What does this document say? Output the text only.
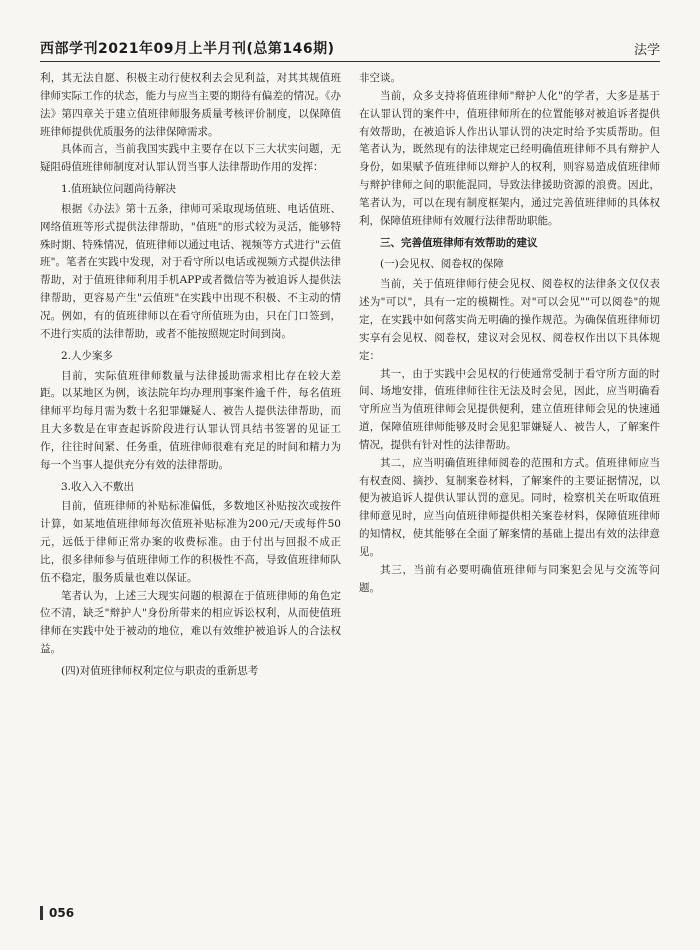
西部学刊2021年09月上半月刊(总第146期)	法学

利，其无法自愿、积极主动行使权利去会见利益，对其其规值班律师实际工作的状态，能力与应当主要的期待有偏差的情况。《办法》第四章关于建立值班律师服务质量考核评价制度，以保障值班律师提供优质服务的法律保障需求。

具体而言，当前我国实践中主要存在以下三大状实问题，无疑阻碍值班律师制度对认罪认罚当事人法律帮助作用的发挥：

1.值班缺位问题尚待解决

根据《办法》第十五条，律师可采取现场值班、电话值班、网络值班等形式提供法律帮助，"值班"的形式较为灵活，能够特殊时期、特殊情况，值班律师以通过电话、视频等方式进行"云值班"。笔者在实践中发现，对于看守所以电话或视频方式提供法律帮助，对于值班律师利用手机APP或者微信等为被追诉人提供法律帮助，更容易产生"云值班"在实践中出现不积极、不主动的情况。例如，有的值班律师以在看守所值班为由，只在门口签到，不进行实质的法律帮助，或者不能按照规定时间到岗。

2.人少案多

目前，实际值班律师数量与法律援助需求相比存在较大差距。以某地区为例，该法院年均办理刑事案件逾千件，每名值班律师平均每月需为数十名犯罪嫌疑人、被告人提供法律帮助，而且大多数是在审查起诉阶段进行认罪认罚具结书签署的见证工作，往往时间紧、任务重，值班律师很难有充足的时间和精力为每一个当事人提供充分有效的法律帮助。

3.收入入不敷出

目前，值班律师的补贴标准偏低，多数地区补贴按次或按件计算，如某地值班律师每次值班补贴标准为200元/天或每件50元，远低于律师正常办案的收费标准。由于付出与回报不成正比，很多律师参与值班律师工作的积极性不高，导致值班律师队伍不稳定，服务质量也难以保证。

笔者认为，上述三大现实问题的根源在于值班律师的角色定位不清，缺乏"辩护人"身份所带来的相应诉讼权利，从而使值班律师在实践中处于被动的地位，难以有效维护被追诉人的合法权益。

(四)对值班律师权利定位与职责的重新思考

非空谈。

当前，众多支持将值班律师"辩护人化"的学者，大多是基于在认罪认罚的案件中，值班律师所在的位置能够对被追诉者提供有效帮助，在被追诉人作出认罪认罚的决定时给予实质帮助。但笔者认为，既然现有的法律规定已经明确值班律师不具有辩护人身份，如果赋予值班律师以辩护人的权利，则容易造成值班律师与辩护律师之间的职能混同，导致法律援助资源的浪费。因此，笔者认为，可以在现有制度框架内，通过完善值班律师的具体权利，保障值班律师有效履行法律帮助职能。

三、完善值班律师有效帮助的建议
(一)会见权、阅卷权的保障

当前，关于值班律师行使会见权、阅卷权的法律条文仅仅表述为"可以"，具有一定的模糊性。对"可以会见""可以阅卷"的规定，在实践中如何落实尚无明确的操作规范。为确保值班律师切实享有会见权、阅卷权，建议对会见权、阅卷权作出以下具体规定：

其一，由于实践中会见权的行使通常受制于看守所方面的时间、场地安排，值班律师往往无法及时会见，因此，应当明确看守所应当为值班律师会见提供便利，建立值班律师会见的快速通道，保障值班律师能够及时会见犯罪嫌疑人、被告人，了解案件情况，提供有针对性的法律帮助。

其二，应当明确值班律师阅卷的范围和方式。值班律师应当有权查阅、摘抄、复制案卷材料，了解案件的主要证据情况，以便为被追诉人提供认罪认罚的意见。同时，检察机关在听取值班律师意见时，应当向值班律师提供相关案卷材料，保障值班律师的知情权，使其能够在全面了解案情的基础上提出有效的法律意见。

其三，当前有必要明确值班律师与同案犯会见与交流等问题。

056
